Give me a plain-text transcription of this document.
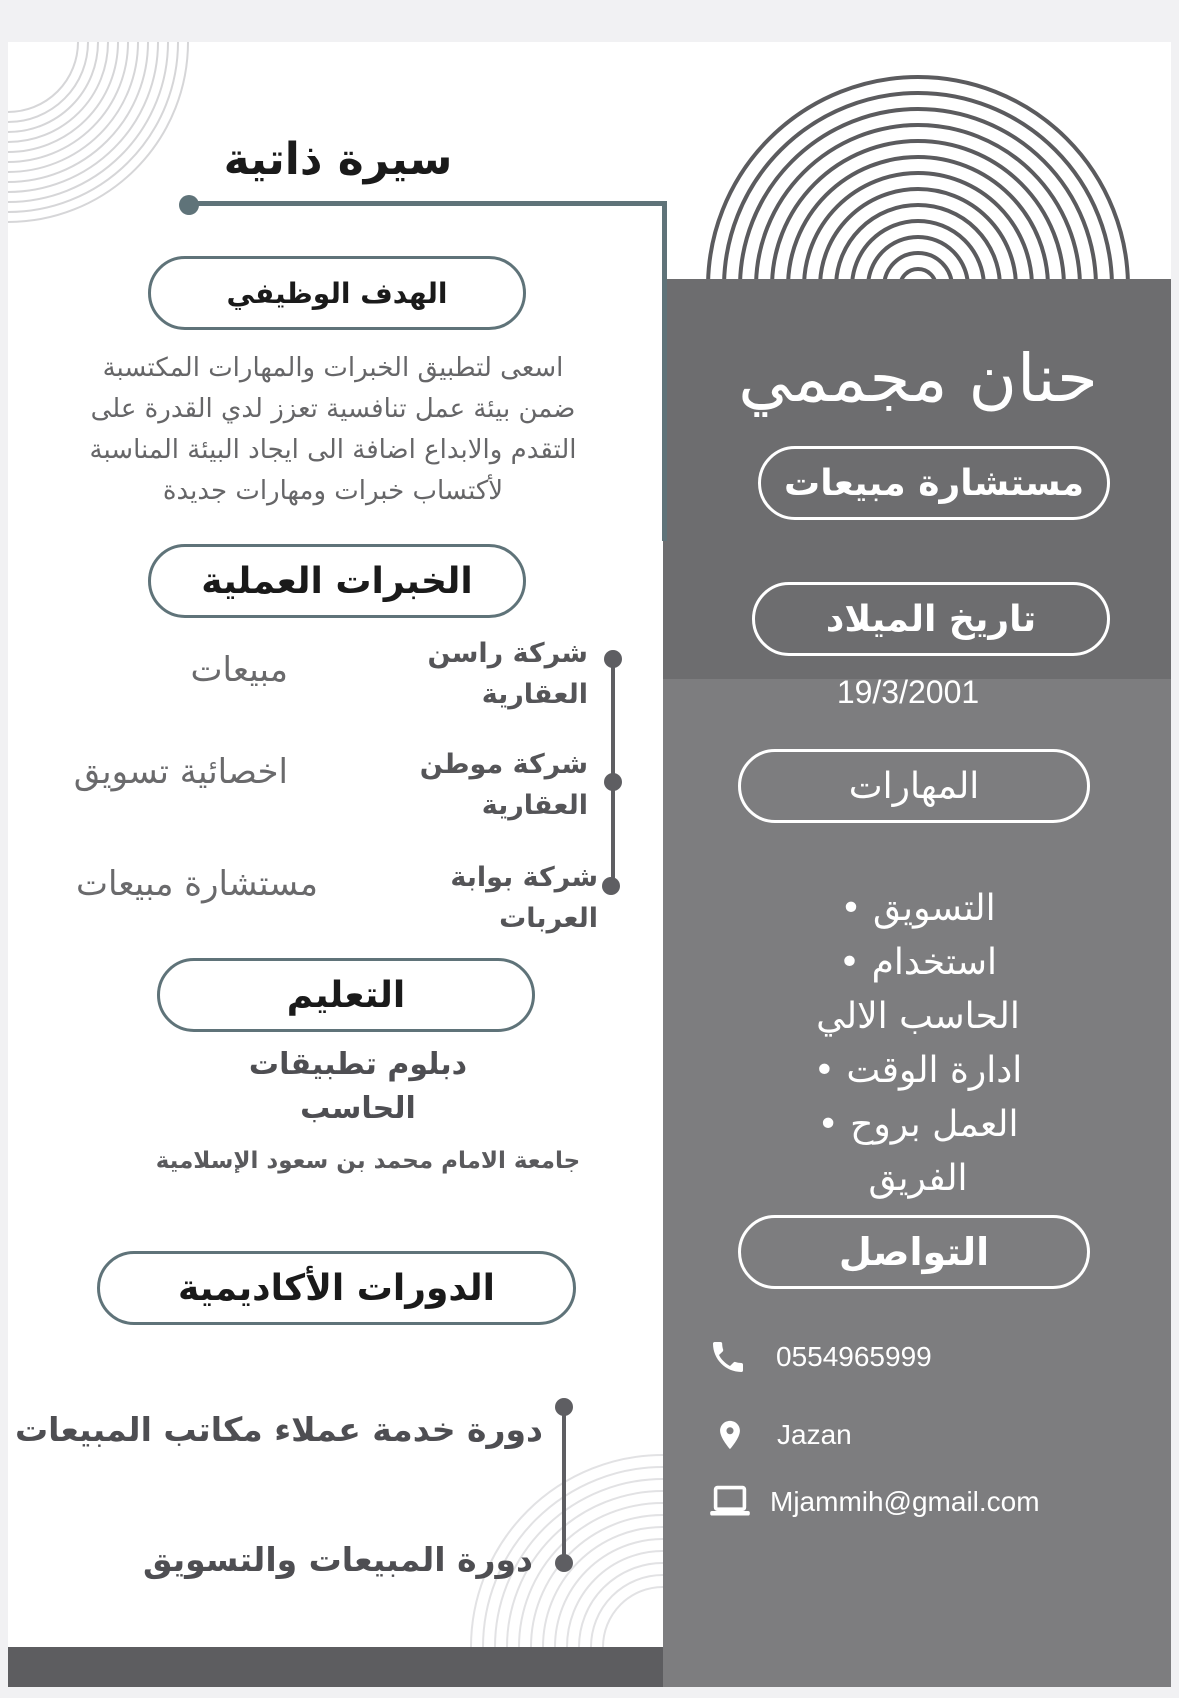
سيرة ذاتية
الهدف الوظيفي
اسعى لتطبيق الخبرات والمهارات المكتسبة
ضمن بيئة عمل تنافسية تعزز لدي القدرة على
التقدم والابداع اضافة الى ايجاد البيئة المناسبة
لأكتساب خبرات ومهارات جديدة
الخبرات العملية

شركة راسن

العقارية

مبيعات

شركة موطن

العقارية

اخصائية تسويق

شركة بوابة

العربات

مستشارة مبيعات

التعليم

دبلوم تطبيقات

الحاسب

جامعة الامام محمد بن سعود الإسلامية

الدورات الأكاديمية

دورة خدمة عملاء مكاتب المبيعات

دورة المبيعات والتسويق

حنان مجممي
مستشارة مبيعات
تاريخ الميلاد

19/3/2001

المهارات
التسويق •
استخدام •
الحاسب الالي
ادارة الوقت •
العمل بروح •
الفريق
التواصل
0554965999
Jazan
Mjammih@gmail.com
